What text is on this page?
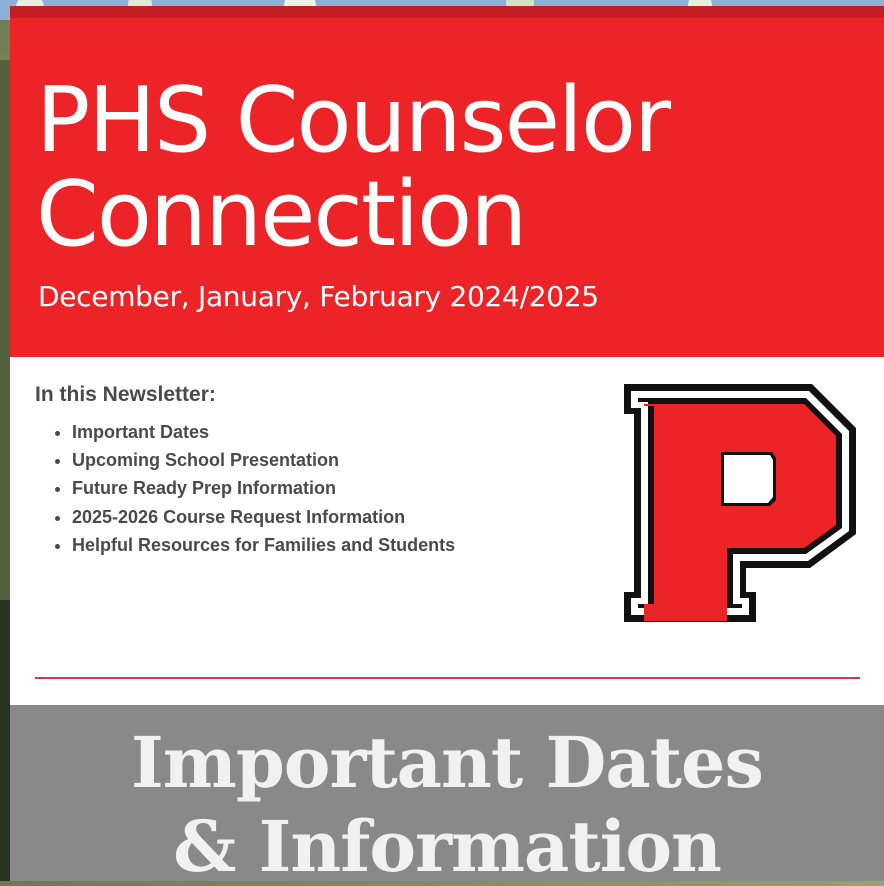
PHS Counselor
Connection

December, January, February 2024/2025

In this Newsletter:
• Important Dates
• Upcoming School Presentation
• Future Ready Prep Information
• 2025-2026 Course Request Information
• Helpful Resources for Families and Students
Important Dates
& Information
